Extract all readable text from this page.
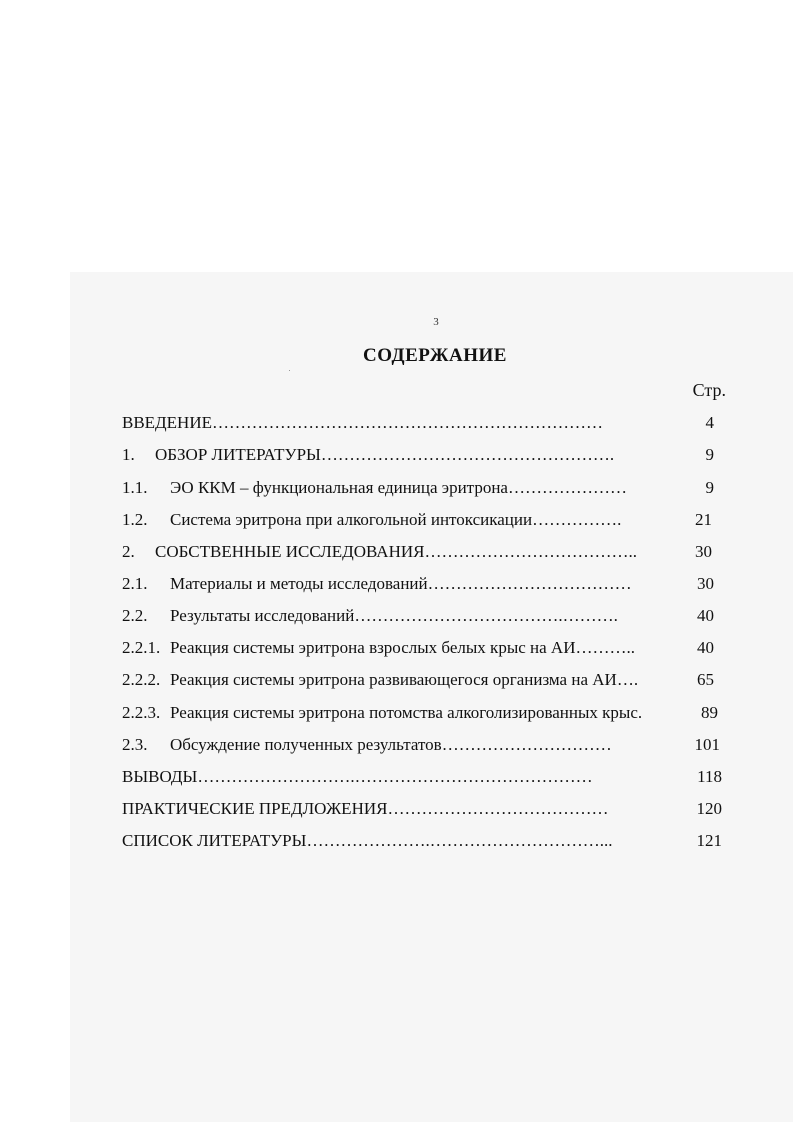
3
СОДЕРЖАНИЕ
Стр.
ВВЕДЕНИЕ……………………………………………………………	4
1. ОБЗОР ЛИТЕРАТУРЫ…………………………………………….	9
1.1. ЭО ККМ – функциональная единица эритрона…………………	9
1.2. Система эритрона при алкогольной интоксикации…………….	21
2. СОБСТВЕННЫЕ ИССЛЕДОВАНИЯ………………………………..	30
2.1. Материалы и методы исследований………………………………	30
2.2. Результаты исследований……………………………….……….	40
2.2.1. Реакция системы эритрона взрослых белых крыс на АИ………..	40
2.2.2. Реакция системы эритрона развивающегося организма на АИ….	65
2.2.3. Реакция системы эритрона потомства алкоголизированных крыс.	89
2.3. Обсуждение полученных результатов…………………………	101
ВЫВОДЫ……………………….……………………………………	118
ПРАКТИЧЕСКИЕ ПРЕДЛОЖЕНИЯ…………………………………	120
СПИСОК ЛИТЕРАТУРЫ………………….…………………………...	121
